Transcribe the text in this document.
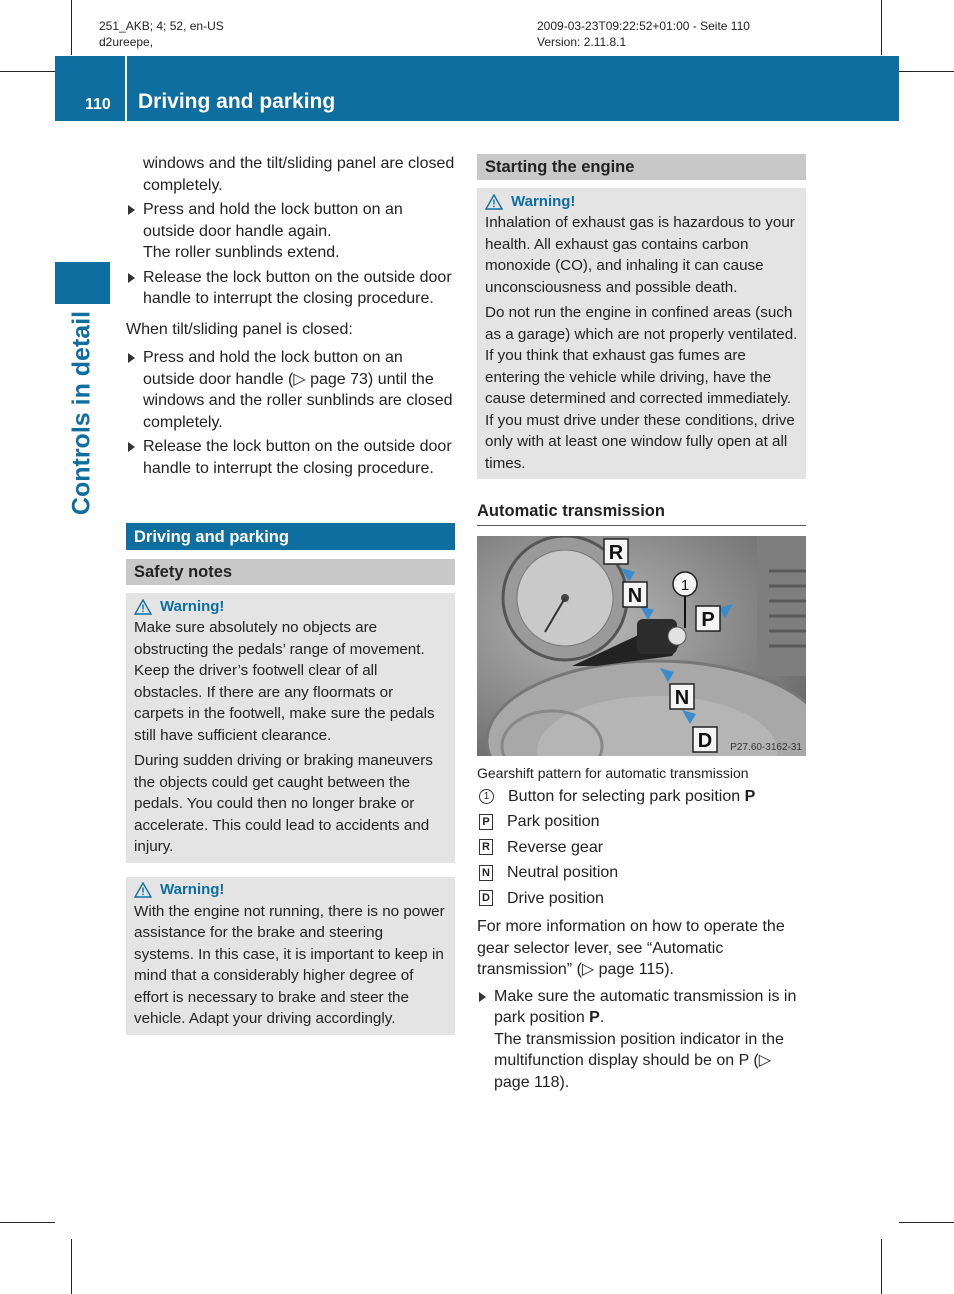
251_AKB; 4; 52, en-US
d2ureepe,
2009-03-23T09:22:52+01:00 - Seite 110
Version: 2.11.8.1
110	Driving and parking
Controls in detail

windows and the tilt/sliding panel are closed completely.

Press and hold the lock button on an outside door handle again.

The roller sunblinds extend.

Release the lock button on the outside door handle to interrupt the closing procedure.

When tilt/sliding panel is closed:

Press and hold the lock button on an outside door handle (▷ page 73) until the windows and the roller sunblinds are closed completely.

Release the lock button on the outside door handle to interrupt the closing procedure.

Driving and parking
Safety notes
Warning!

Make sure absolutely no objects are obstructing the pedals’ range of movement. Keep the driver’s footwell clear of all obstacles. If there are any floormats or carpets in the footwell, make sure the pedals still have sufficient clearance.

During sudden driving or braking maneuvers the objects could get caught between the pedals. You could then no longer brake or accelerate. This could lead to accidents and injury.

Warning!

With the engine not running, there is no power assistance for the brake and steering systems. In this case, it is important to keep in mind that a considerably higher degree of effort is necessary to brake and steer the vehicle. Adapt your driving accordingly.

Starting the engine
Warning!

Inhalation of exhaust gas is hazardous to your health. All exhaust gas contains carbon monoxide (CO), and inhaling it can cause unconsciousness and possible death.

Do not run the engine in confined areas (such as a garage) which are not properly ventilated. If you think that exhaust gas fumes are entering the vehicle while driving, have the cause determined and corrected immediately. If you must drive under these conditions, drive only with at least one window fully open at all times.

Automatic transmission
R
N
P
N
D
1
P27.60-3162-31

Gearshift pattern for automatic transmission

1 Button for selecting park position P
P Park position
R Reverse gear
N Neutral position
D Drive position

For more information on how to operate the gear selector lever, see “Automatic transmission” (▷ page 115).

Make sure the automatic transmission is in park position P.

The transmission position indicator in the multifunction display should be on P (▷ page 118).
